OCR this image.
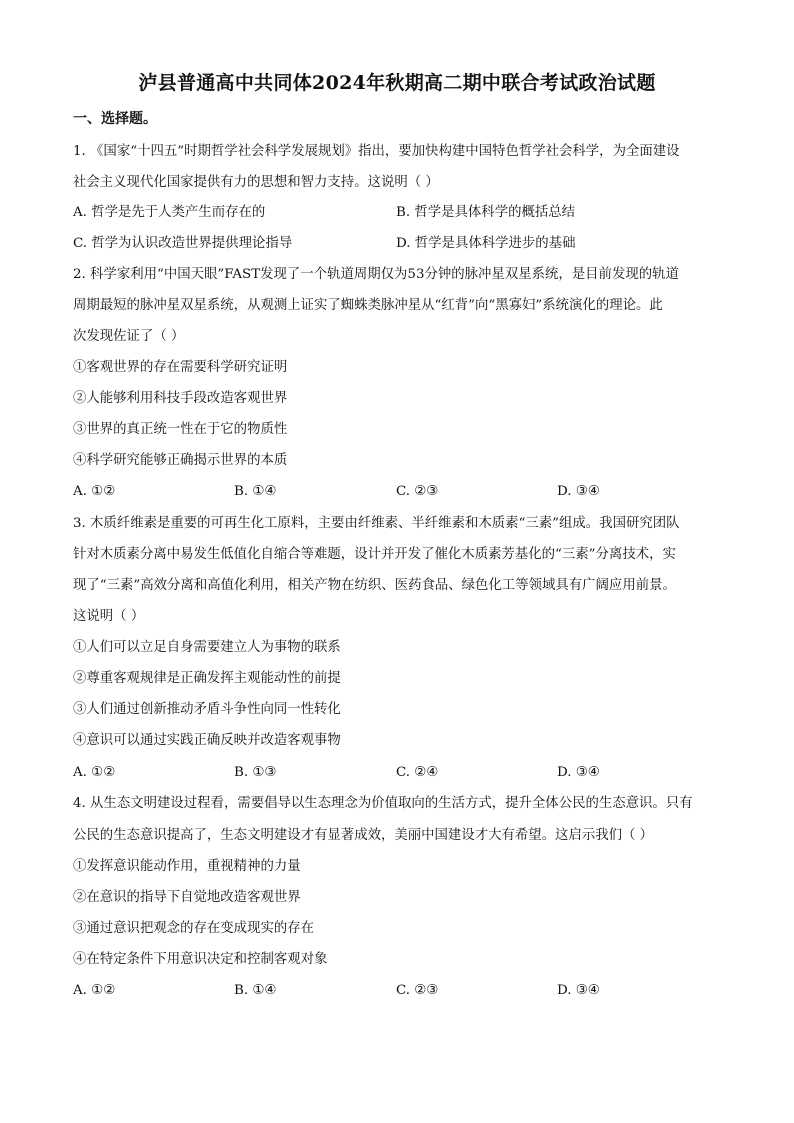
泸县普通高中共同体2024年秋期高二期中联合考试政治试题
一、选择题。
1. 《国家“十四五”时期哲学社会科学发展规划》指出，要加快构建中国特色哲学社会科学，为全面建设
社会主义现代化国家提供有力的思想和智力支持。这说明（ ）
A. 哲学是先于人类产生而存在的	B. 哲学是具体科学的概括总结
C. 哲学为认识改造世界提供理论指导	D. 哲学是具体科学进步的基础
2. 科学家利用“中国天眼”FAST发现了一个轨道周期仅为53分钟的脉冲星双星系统，是目前发现的轨道
周期最短的脉冲星双星系统，从观测上证实了蜘蛛类脉冲星从“红背”向“黑寡妇”系统演化的理论。此
次发现佐证了（ ）
①客观世界的存在需要科学研究证明
②人能够利用科技手段改造客观世界
③世界的真正统一性在于它的物质性
④科学研究能够正确揭示世界的本质
A. ①②	B. ①④	C. ②③	D. ③④
3. 木质纤维素是重要的可再生化工原料，主要由纤维素、半纤维素和木质素“三素”组成。我国研究团队
针对木质素分离中易发生低值化自缩合等难题，设计并开发了催化木质素芳基化的“三素”分离技术，实
现了“三素”高效分离和高值化利用，相关产物在纺织、医药食品、绿色化工等领域具有广阔应用前景。
这说明（ ）
①人们可以立足自身需要建立人为事物的联系
②尊重客观规律是正确发挥主观能动性的前提
③人们通过创新推动矛盾斗争性向同一性转化
④意识可以通过实践正确反映并改造客观事物
A. ①②	B. ①③	C. ②④	D. ③④
4. 从生态文明建设过程看，需要倡导以生态理念为价值取向的生活方式，提升全体公民的生态意识。只有
公民的生态意识提高了，生态文明建设才有显著成效，美丽中国建设才大有希望。这启示我们（ ）
①发挥意识能动作用，重视精神的力量
②在意识的指导下自觉地改造客观世界
③通过意识把观念的存在变成现实的存在
④在特定条件下用意识决定和控制客观对象
A. ①②	B. ①④	C. ②③	D. ③④
